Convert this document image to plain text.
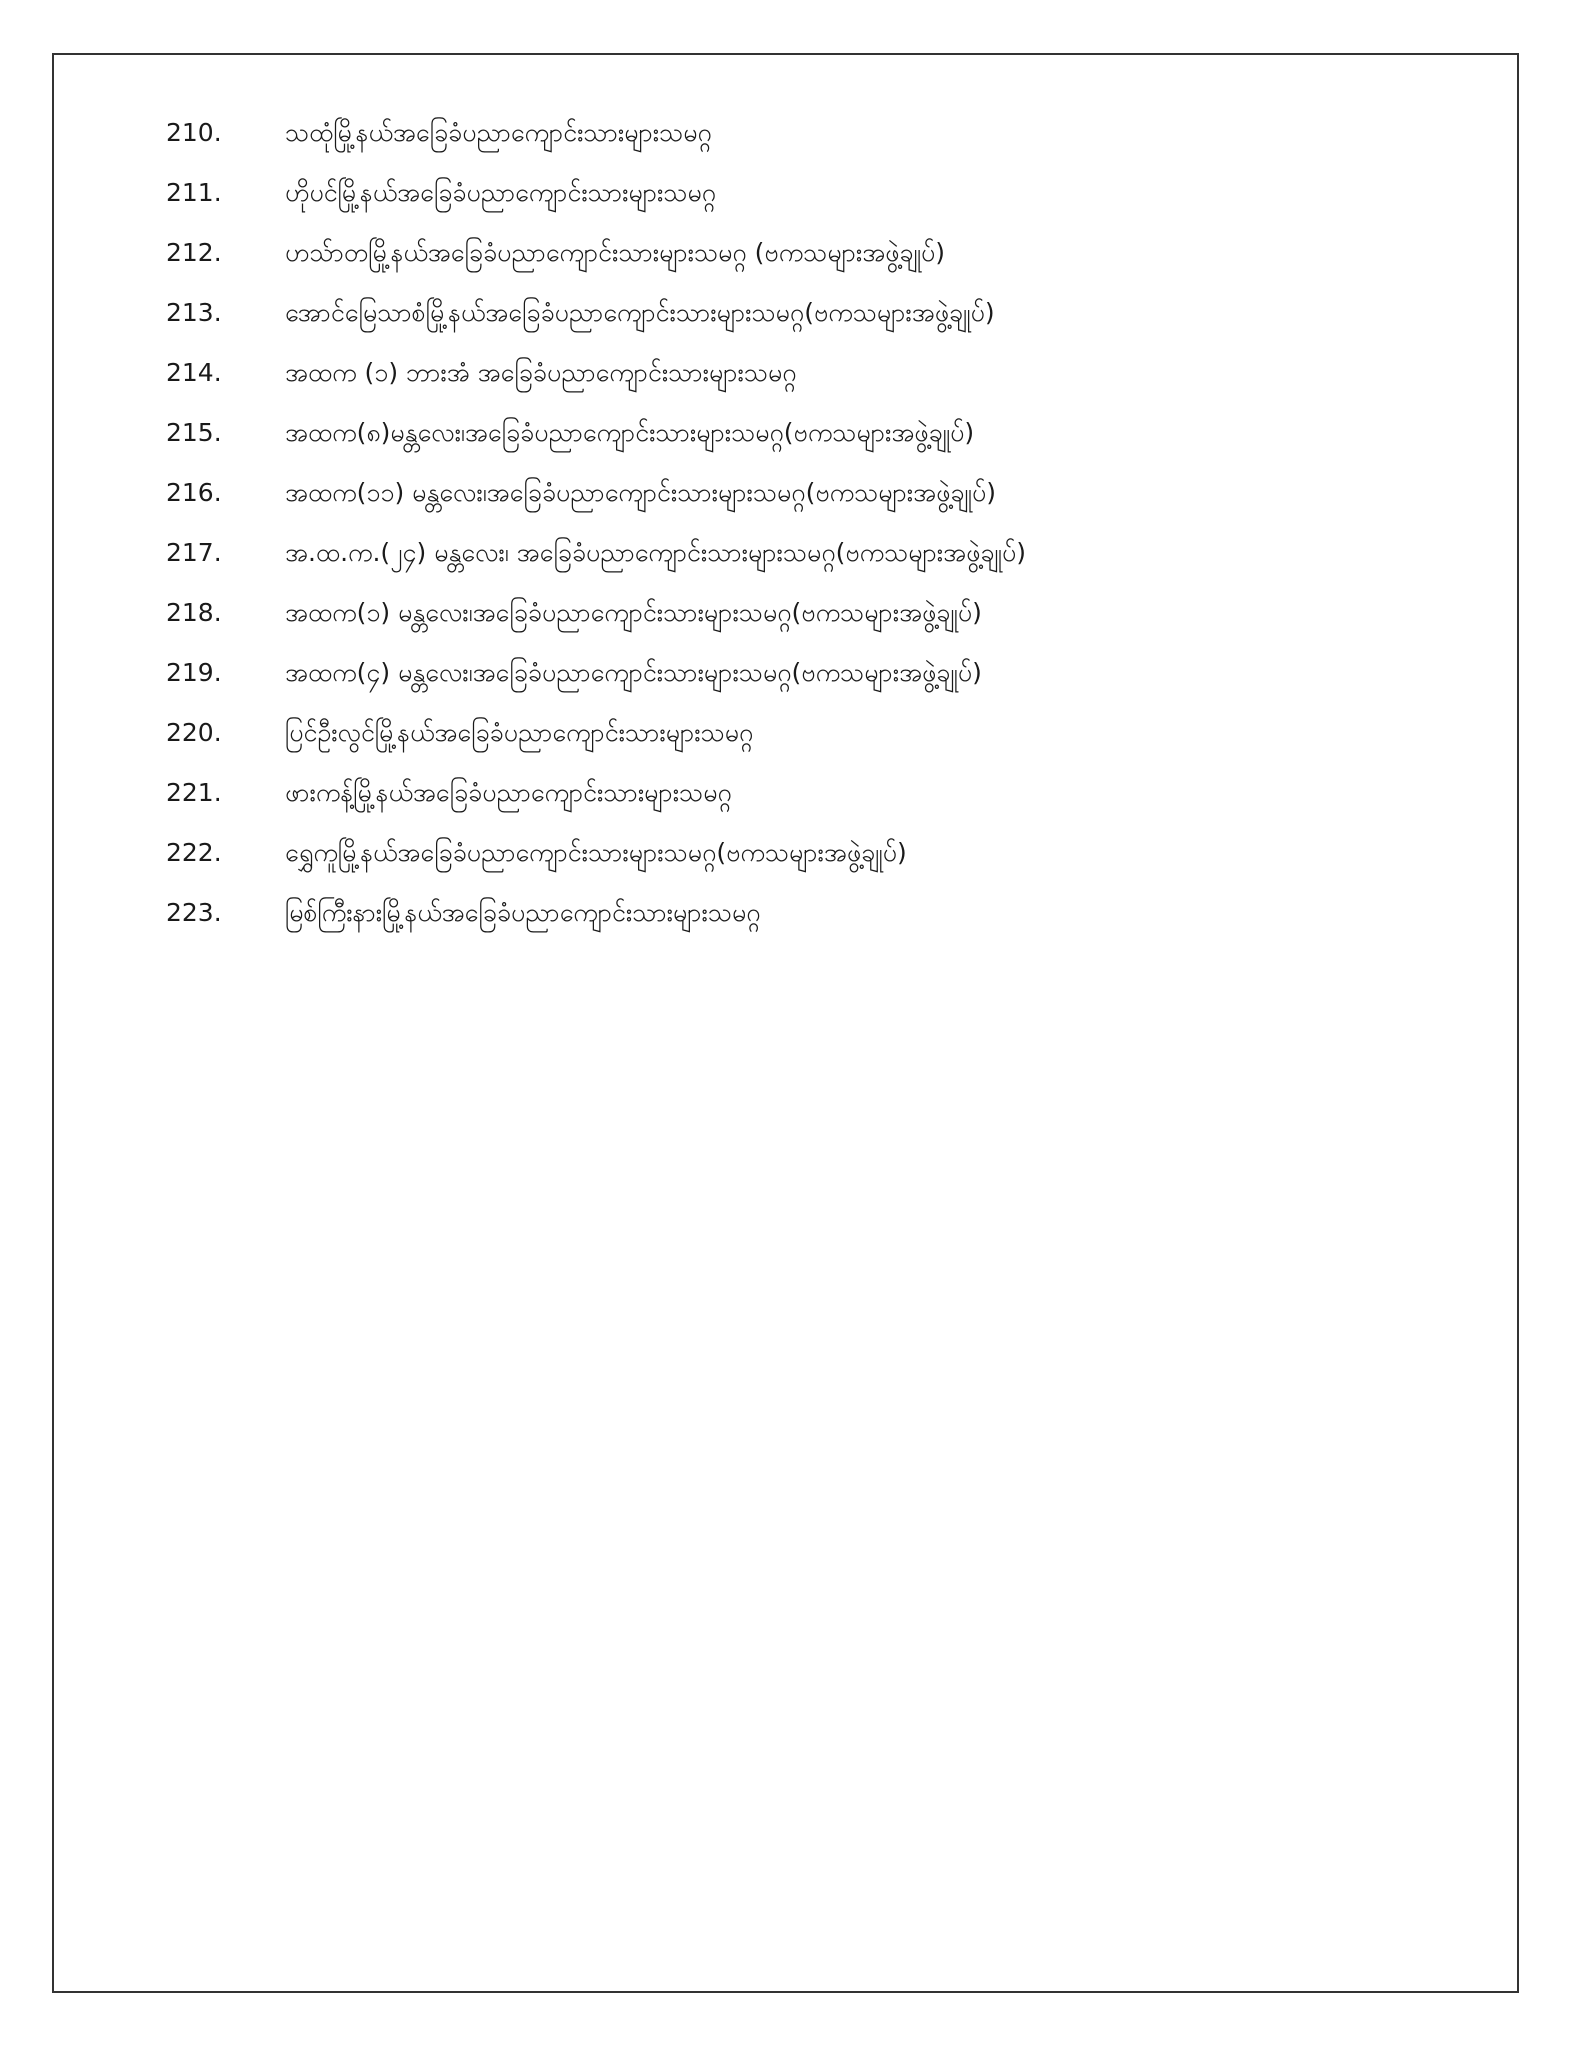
210.	သထုံမြို့နယ်အခြေခံပညာကျောင်းသားများသမဂ္ဂ
211.	ဟိုပင်မြို့နယ်အခြေခံပညာကျောင်းသားများသမဂ္ဂ
212.	ဟသ်ာတမြို့နယ်အခြေခံပညာကျောင်းသားများသမဂ္ဂ (ဗကသများအဖွဲ့ချုပ်)
213.	အောင်မြေသာစံမြို့နယ်အခြေခံပညာကျောင်းသားများသမဂ္ဂ(ဗကသများအဖွဲ့ချုပ်)
214.	အထက (၁) ဘားအံ အခြေခံပညာကျောင်းသားများသမဂ္ဂ
215.	အထက(၈)မန္တလေး၊အခြေခံပညာကျောင်းသားများသမဂ္ဂ(ဗကသများအဖွဲ့ချုပ်)
216.	အထက(၁၁) မန္တလေး၊အခြေခံပညာကျောင်းသားများသမဂ္ဂ(ဗကသများအဖွဲ့ချုပ်)
217.	အ.ထ.က.(၂၄) မန္တလေး၊ အခြေခံပညာကျောင်းသားများသမဂ္ဂ(ဗကသများအဖွဲ့ချုပ်)
218.	အထက(၁) မန္တလေး၊အခြေခံပညာကျောင်းသားများသမဂ္ဂ(ဗကသများအဖွဲ့ချုပ်)
219.	အထက(၄) မန္တလေး၊အခြေခံပညာကျောင်းသားများသမဂ္ဂ(ဗကသများအဖွဲ့ချုပ်)
220.	ပြင်ဦးလွင်မြို့နယ်အခြေခံပညာကျောင်းသားများသမဂ္ဂ
221.	ဖားကန့်မြို့နယ်အခြေခံပညာကျောင်းသားများသမဂ္ဂ
222.	ရွှေကူမြို့နယ်အခြေခံပညာကျောင်းသားများသမဂ္ဂ(ဗကသများအဖွဲ့ချုပ်)
223.	မြစ်ကြီးနားမြို့နယ်အခြေခံပညာကျောင်းသားများသမဂ္ဂ
